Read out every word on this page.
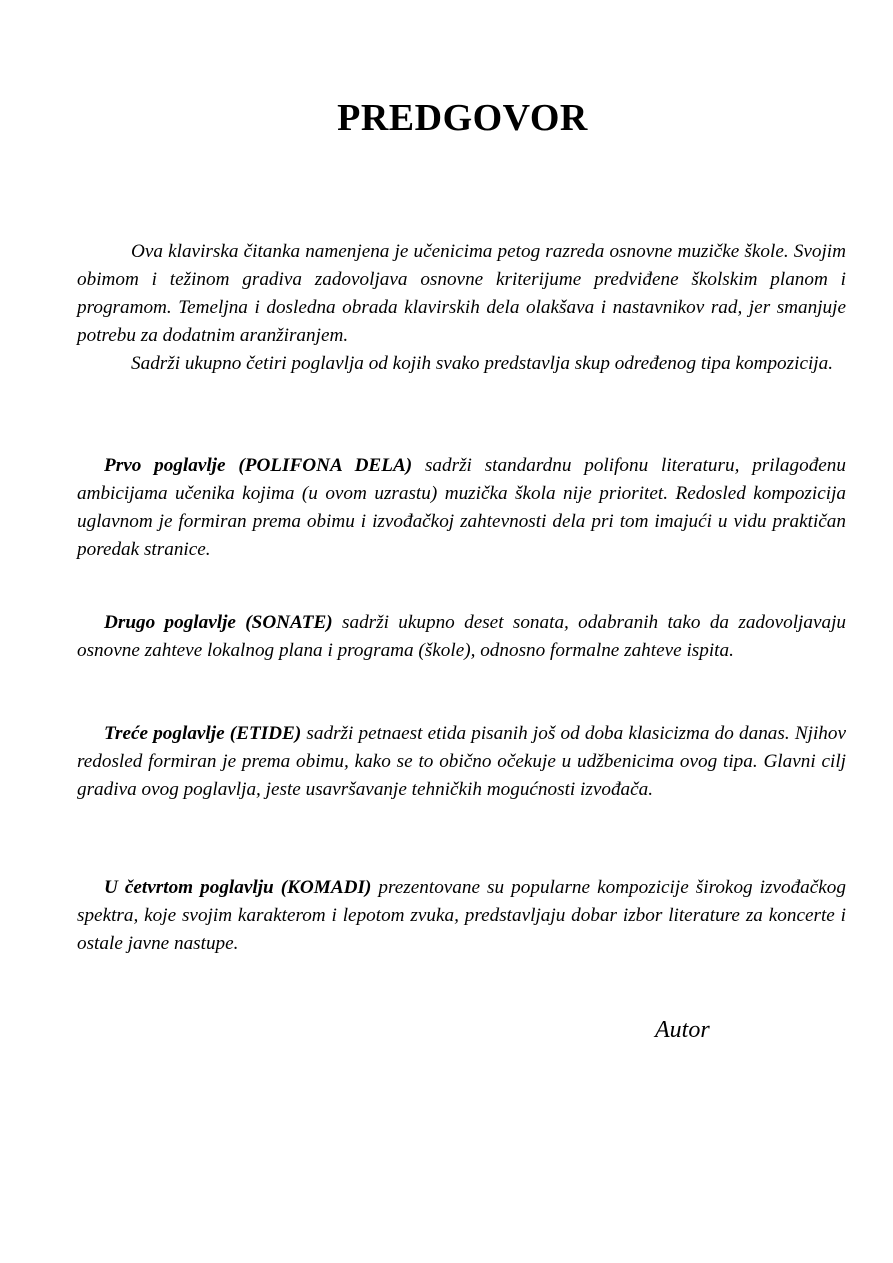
PREDGOVOR

Ova klavirska čitanka namenjena je učenicima petog razreda osnovne muzičke škole. Svojim obimom i težinom gradiva zadovoljava osnovne kriterijume predviđene školskim planom i programom. Temeljna i dosledna obrada klavirskih dela olakšava i nastavnikov rad, jer smanjuje potrebu za dodatnim aranžiranjem.

Sadrži ukupno četiri poglavlja od kojih svako predstavlja skup određenog tipa kompozicija.

Prvo poglavlje (POLIFONA DELA) sadrži standardnu polifonu literaturu, prilagođenu ambicijama učenika kojima (u ovom uzrastu) muzička škola nije prioritet. Redosled kompozicija uglavnom je formiran prema obimu i izvođačkoj zahtevnosti dela pri tom imajući u vidu praktičan poredak stranice.

Drugo poglavlje (SONATE) sadrži ukupno deset sonata, odabranih tako da zadovoljavaju osnovne zahteve lokalnog plana i programa (škole), odnosno formalne zahteve ispita.

Treće poglavlje (ETIDE) sadrži petnaest etida pisanih još od doba klasicizma do danas. Njihov redosled formiran je prema obimu, kako se to obično očekuje u udžbenicima ovog tipa. Glavni cilj gradiva ovog poglavlja, jeste usavršavanje tehničkih mogućnosti izvođača.

U četvrtom poglavlju (KOMADI) prezentovane su popularne kompozicije širokog izvođačkog spektra, koje svojim karakterom i lepotom zvuka, predstavljaju dobar izbor literature za koncerte i ostale javne nastupe.

Autor
